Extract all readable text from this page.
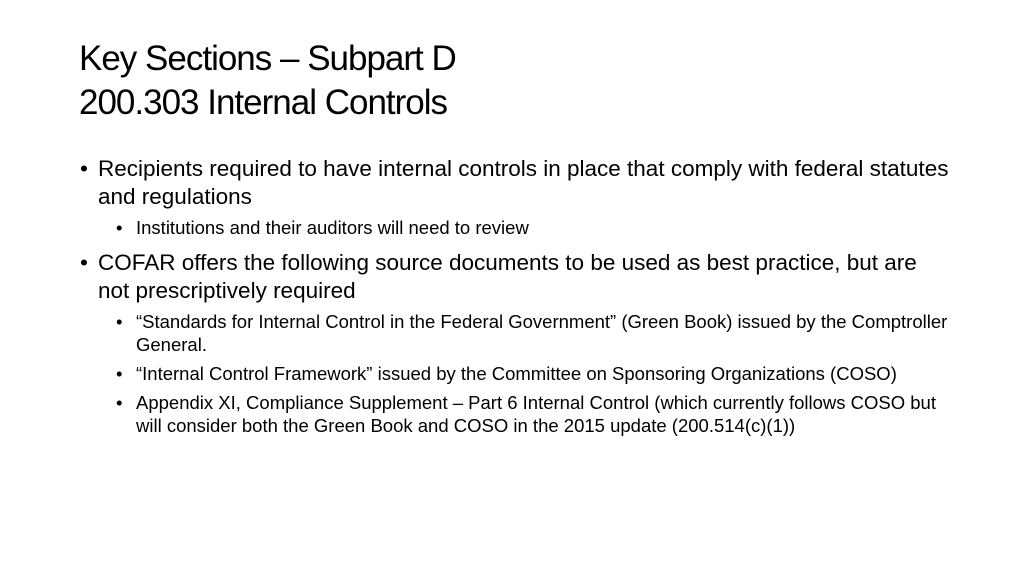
Key Sections – Subpart D
200.303 Internal Controls
• Recipients required to have internal controls in place that comply with federal statutes and regulations
• Institutions and their auditors will need to review
• COFAR offers the following source documents to be used as best practice, but are not prescriptively required
• “Standards for Internal Control in the Federal Government” (Green Book) issued by the Comptroller General.
• “Internal Control Framework” issued by the Committee on Sponsoring Organizations (COSO)
• Appendix XI, Compliance Supplement – Part 6 Internal Control (which currently follows COSO but will consider both the Green Book and COSO in the 2015 update (200.514(c)(1))
